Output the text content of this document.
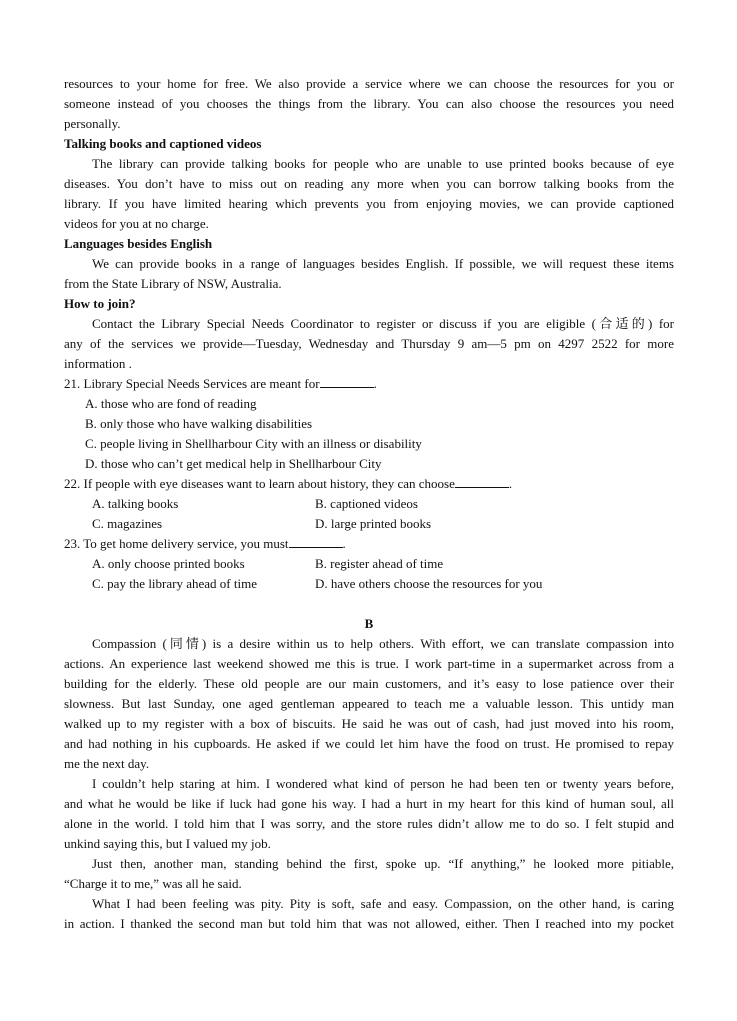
resources to your home for free. We also provide a service where we can choose the resources for you or
someone instead of you chooses the things from the library. You can also choose the resources you need
personally.
Talking books and captioned videos
The library can provide talking books for people who are unable to use printed books because of eye
diseases. You don’t have to miss out on reading any more when you can borrow talking books from the
library. If you have limited hearing which prevents you from enjoying movies, we can provide captioned
videos for you at no charge.
Languages besides English
We can provide books in a range of languages besides English. If possible, we will request these items
from the State Library of NSW, Australia.
How to join?
Contact the Library Special Needs Coordinator to register or discuss if you are eligible (合适的) for
any of the services we provide—Tuesday, Wednesday and Thursday 9 am—5 pm on 4297 2522 for more
information .
21. Library Special Needs Services are meant for	.
A. those who are fond of reading
B. only those who have walking disabilities
C. people living in Shellharbour City with an illness or disability
D. those who can’t get medical help in Shellharbour City
22. If people with eye diseases want to learn about history, they can choose	.
A. talking books	B. captioned videos
C. magazines	D. large printed books
23. To get home delivery service, you must	.
A. only choose printed books	B. register ahead of time
C. pay the library ahead of time	D. have others choose the resources for you
B
Compassion (同情) is a desire within us to help others. With effort, we can translate compassion into
actions. An experience last weekend showed me this is true. I work part-time in a supermarket across from a
building for the elderly. These old people are our main customers, and it’s easy to lose patience over their
slowness. But last Sunday, one aged gentleman appeared to teach me a valuable lesson. This untidy man
walked up to my register with a box of biscuits. He said he was out of cash, had just moved into his room,
and had nothing in his cupboards. He asked if we could let him have the food on trust. He promised to repay
me the next day.
I couldn’t help staring at him. I wondered what kind of person he had been ten or twenty years before,
and what he would be like if luck had gone his way. I had a hurt in my heart for this kind of human soul, all
alone in the world. I told him that I was sorry, and the store rules didn’t allow me to do so. I felt stupid and
unkind saying this, but I valued my job.
Just then, another man, standing behind the first, spoke up. “If anything,” he looked more pitiable,
“Charge it to me,” was all he said.
What I had been feeling was pity. Pity is soft, safe and easy. Compassion, on the other hand, is caring
in action. I thanked the second man but told him that was not allowed, either. Then I reached into my pocket
